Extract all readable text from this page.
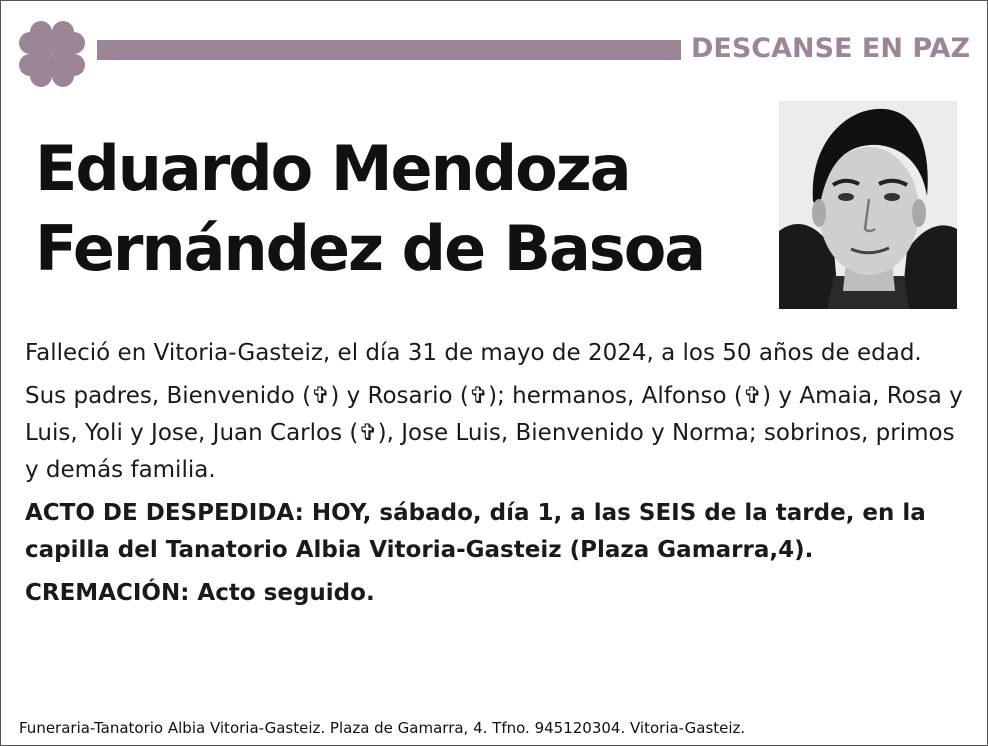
DESCANSE EN PAZ
Eduardo Mendoza
Fernández de Basoa

Falleció en Vitoria-Gasteiz, el día 31 de mayo de 2024, a los 50 años de edad.

Sus padres, Bienvenido (✞) y Rosario (✞); hermanos, Alfonso (✞) y Amaia, Rosa y Luis, Yoli y Jose, Juan Carlos (✞), Jose Luis, Bienvenido y Norma; sobrinos, primos y demás familia.

ACTO DE DESPEDIDA: HOY, sábado, día 1, a las SEIS de la tarde, en la capilla del Tanatorio Albia Vitoria-Gasteiz (Plaza Gamarra,4).

CREMACIÓN: Acto seguido.

Funeraria-Tanatorio Albia Vitoria-Gasteiz. Plaza de Gamarra, 4. Tfno. 945120304. Vitoria-Gasteiz.
